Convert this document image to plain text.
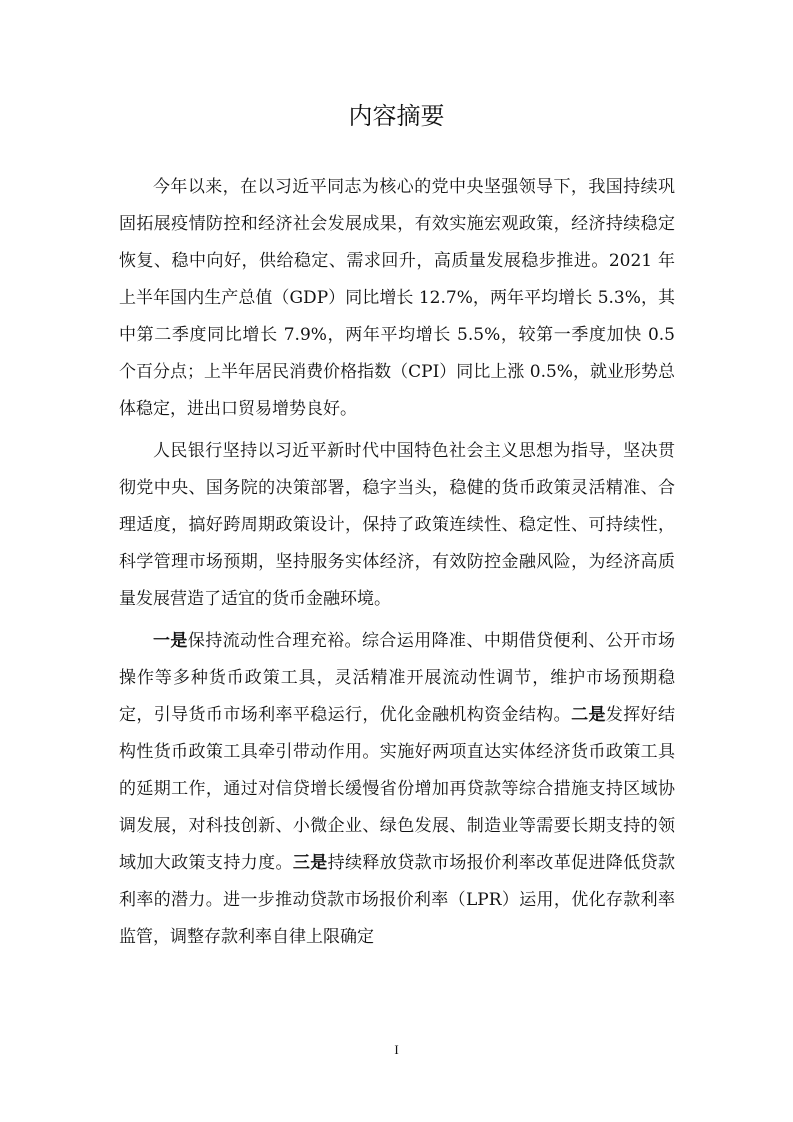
内容摘要

今年以来，在以习近平同志为核心的党中央坚强领导下，我国持续巩固拓展疫情防控和经济社会发展成果，有效实施宏观政策，经济持续稳定恢复、稳中向好，供给稳定、需求回升，高质量发展稳步推进。2021 年上半年国内生产总值（GDP）同比增长 12.7%，两年平均增长 5.3%，其中第二季度同比增长 7.9%，两年平均增长 5.5%，较第一季度加快 0.5 个百分点；上半年居民消费价格指数（CPI）同比上涨 0.5%，就业形势总体稳定，进出口贸易增势良好。

人民银行坚持以习近平新时代中国特色社会主义思想为指导，坚决贯彻党中央、国务院的决策部署，稳字当头，稳健的货币政策灵活精准、合理适度，搞好跨周期政策设计，保持了政策连续性、稳定性、可持续性，科学管理市场预期，坚持服务实体经济，有效防控金融风险，为经济高质量发展营造了适宜的货币金融环境。

一是保持流动性合理充裕。综合运用降准、中期借贷便利、公开市场操作等多种货币政策工具，灵活精准开展流动性调节，维护市场预期稳定，引导货币市场利率平稳运行，优化金融机构资金结构。二是发挥好结构性货币政策工具牵引带动作用。实施好两项直达实体经济货币政策工具的延期工作，通过对信贷增长缓慢省份增加再贷款等综合措施支持区域协调发展，对科技创新、小微企业、绿色发展、制造业等需要长期支持的领域加大政策支持力度。三是持续释放贷款市场报价利率改革促进降低贷款利率的潜力。进一步推动贷款市场报价利率（LPR）运用，优化存款利率监管，调整存款利率自律上限确定

I
